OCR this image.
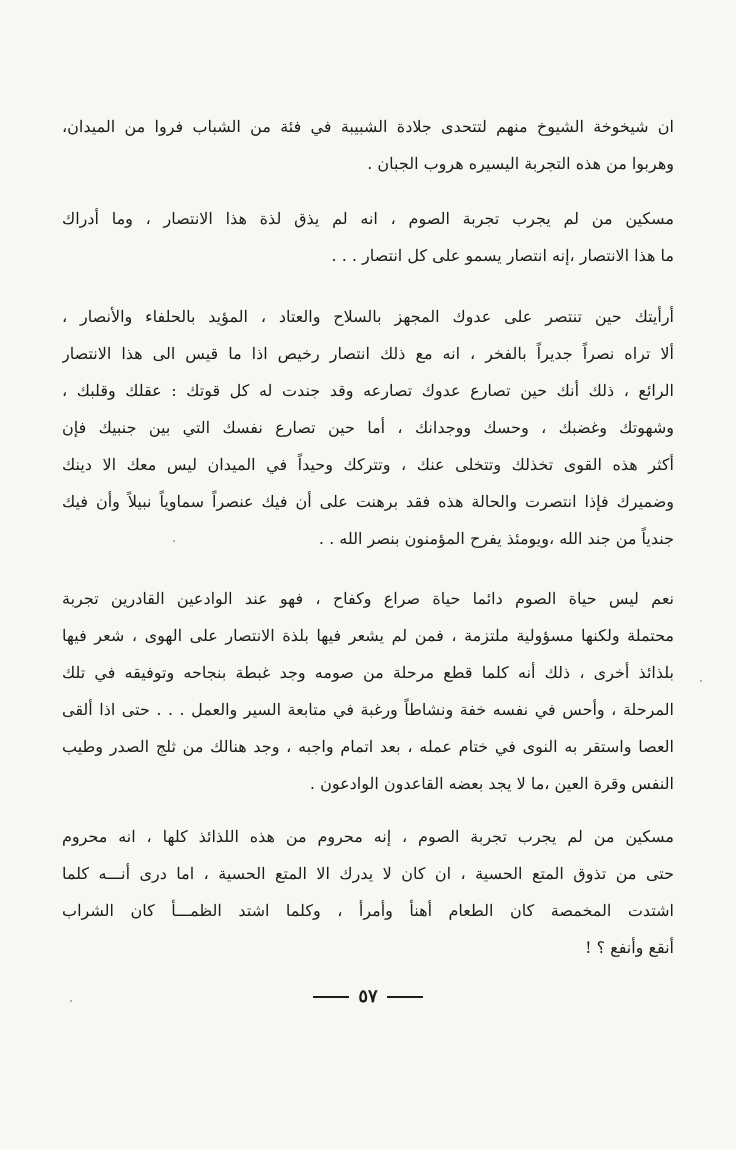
ان شيخوخة الشيوخ منهم لتتحدى جلادة الشبيبة في فئة من الشباب فروا من الميدان،
وهربوا من هذه التجربة اليسيره هروب الجبان .
مسكين من لم يجرب تجربة الصوم ، انه لم يذق لذة هذا الانتصار ، وما أدراك
ما هذا الانتصار ،إنه انتصار يسمو على كل انتصار . . .
أرأيتك حين تنتصر على عدوك المجهز بالسلاح والعتاد ، المؤيد بالحلفاء والأنصار ،
ألا تراه نصراً جديراً بالفخر ، انه مع ذلك انتصار رخيص اذا ما قيس الى هذا الانتصار
الرائع ، ذلك أنك حين تصارع عدوك تصارعه وقد جندت له كل قوتك : عقلك وقلبك ،
وشهوتك وغضبك ، وحسك ووجدانك ، أما حين تصارع نفسك التي بين جنبيك فإن
أكثر هذه القوى تخذلك وتتخلى عنك ، وتتركك وحيداً في الميدان ليس معك الا دينك
وضميرك فإذا انتصرت والحالة هذه فقد برهنت على أن فيك عنصراً سماوياً نبيلاً وأن فيك
جندياً من جند الله ،ويومئذ يفرح المؤمنون بنصر الله . .
نعم ليس حياة الصوم دائما حياة صراع وكفاح ، فهو عند الوادعين القادرين تجربة
محتملة ولكنها مسؤولية ملتزمة ، فمن لم يشعر فيها بلذة الانتصار على الهوى ، شعر فيها
بلذائذ أخرى ، ذلك أنه كلما قطع مرحلة من صومه وجد غبطة بنجاحه وتوفيقه في تلك
المرحلة ، وأحس في نفسه خفة ونشاطاً ورغبة في متابعة السير والعمل . . . حتى اذا ألقى
العصا واستقر به النوى في ختام عمله ، بعد اتمام واجبه ، وجد هنالك من ثلج الصدر وطيب
النفس وقرة العين ،ما لا يجد بعضه القاعدون الوادعون .
مسكين من لم يجرب تجربة الصوم ، إنه محروم من هذه اللذائذ كلها ، انه محروم
حتى من تذوق المتع الحسية ، ان كان لا يدرك الا المتع الحسية ، اما درى أنـــه كلما
اشتدت المخمصة كان الطعام أهنأ وأمرأ ، وكلما اشتد الظمـــأ كان الشراب
أنقع وأنفع ؟ !
٥٧
